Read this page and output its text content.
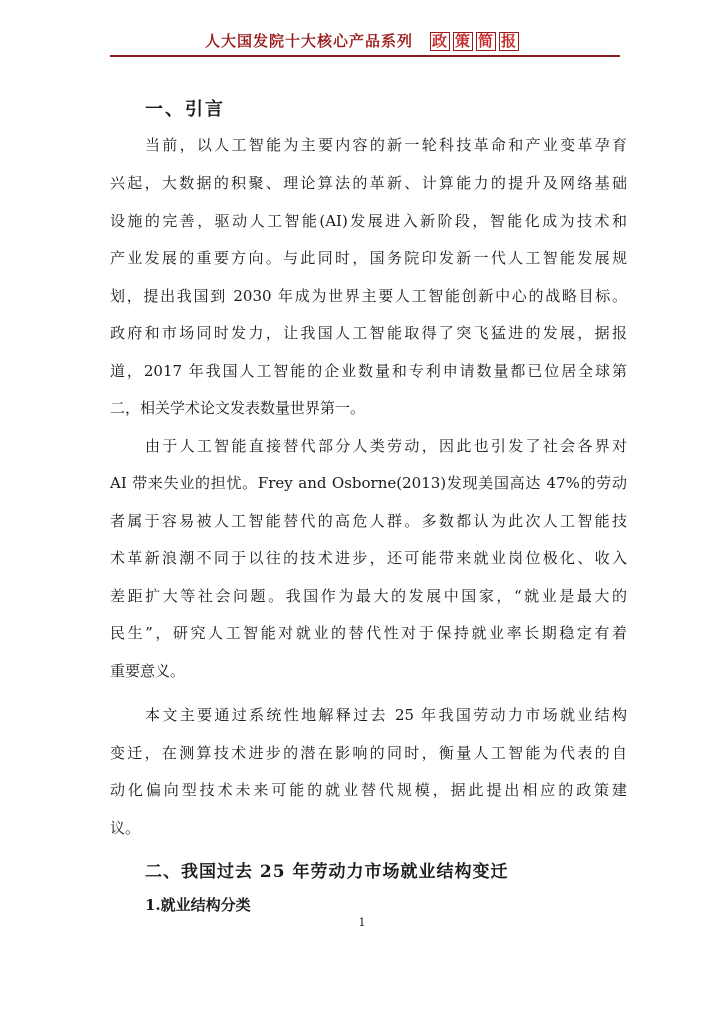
人大国发院十大核心产品系列 政 策 简 报
一、引言
当前，以人工智能为主要内容的新一轮科技革命和产业变革孕育
兴起，大数据的积聚、理论算法的革新、计算能力的提升及网络基础
设施的完善，驱动人工智能(AI)发展进入新阶段，智能化成为技术和
产业发展的重要方向。与此同时，国务院印发新一代人工智能发展规
划，提出我国到 2030 年成为世界主要人工智能创新中心的战略目标。
政府和市场同时发力，让我国人工智能取得了突飞猛进的发展，据报
道，2017 年我国人工智能的企业数量和专利申请数量都已位居全球第
二，相关学术论文发表数量世界第一。
由于人工智能直接替代部分人类劳动，因此也引发了社会各界对
AI 带来失业的担忧。Frey and Osborne(2013)发现美国高达 47%的劳动
者属于容易被人工智能替代的高危人群。多数都认为此次人工智能技
术革新浪潮不同于以往的技术进步，还可能带来就业岗位极化、收入
差距扩大等社会问题。我国作为最大的发展中国家，“就业是最大的
民生”，研究人工智能对就业的替代性对于保持就业率长期稳定有着
重要意义。
本文主要通过系统性地解释过去 25 年我国劳动力市场就业结构
变迁，在测算技术进步的潜在影响的同时，衡量人工智能为代表的自
动化偏向型技术未来可能的就业替代规模，据此提出相应的政策建
议。
二、我国过去 25 年劳动力市场就业结构变迁
1.就业结构分类
1
